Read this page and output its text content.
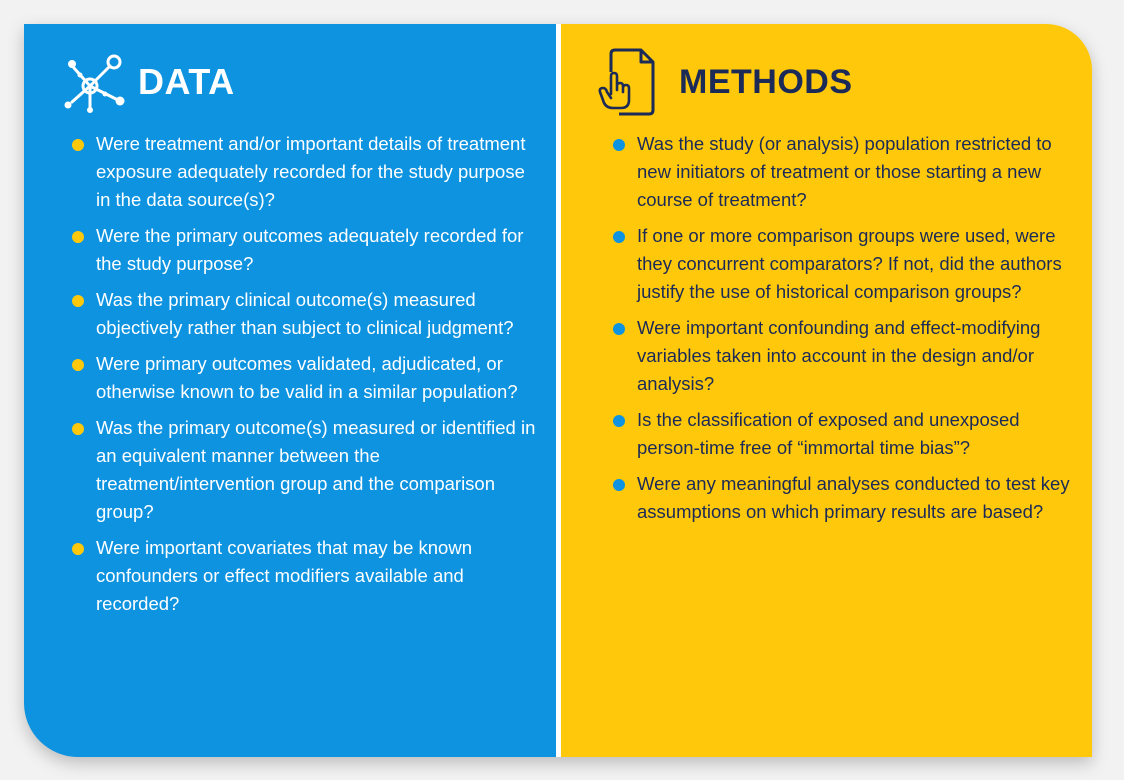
DATA
Were treatment and/or important details of treatment exposure adequately recorded for the study purpose in the data source(s)?
Were the primary outcomes adequately recorded for the study purpose?
Was the primary clinical outcome(s) measured objectively rather than subject to clinical judgment?
Were primary outcomes validated, adjudicated, or otherwise known to be valid in a similar population?
Was the primary outcome(s) measured or identified in an equivalent manner between the treatment/intervention group and the comparison group?
Were important covariates that may be known confounders or effect modifiers available and recorded?
METHODS
Was the study (or analysis) population restricted to new initiators of treatment or those starting a new course of treatment?
If one or more comparison groups were used, were they concurrent comparators? If not, did the authors justify the use of historical comparison groups?
Were important confounding and effect-modifying variables taken into account in the design and/or analysis?
Is the classification of exposed and unexposed person-time free of “immortal time bias”?
Were any meaningful analyses conducted to test key assumptions on which primary results are based?
